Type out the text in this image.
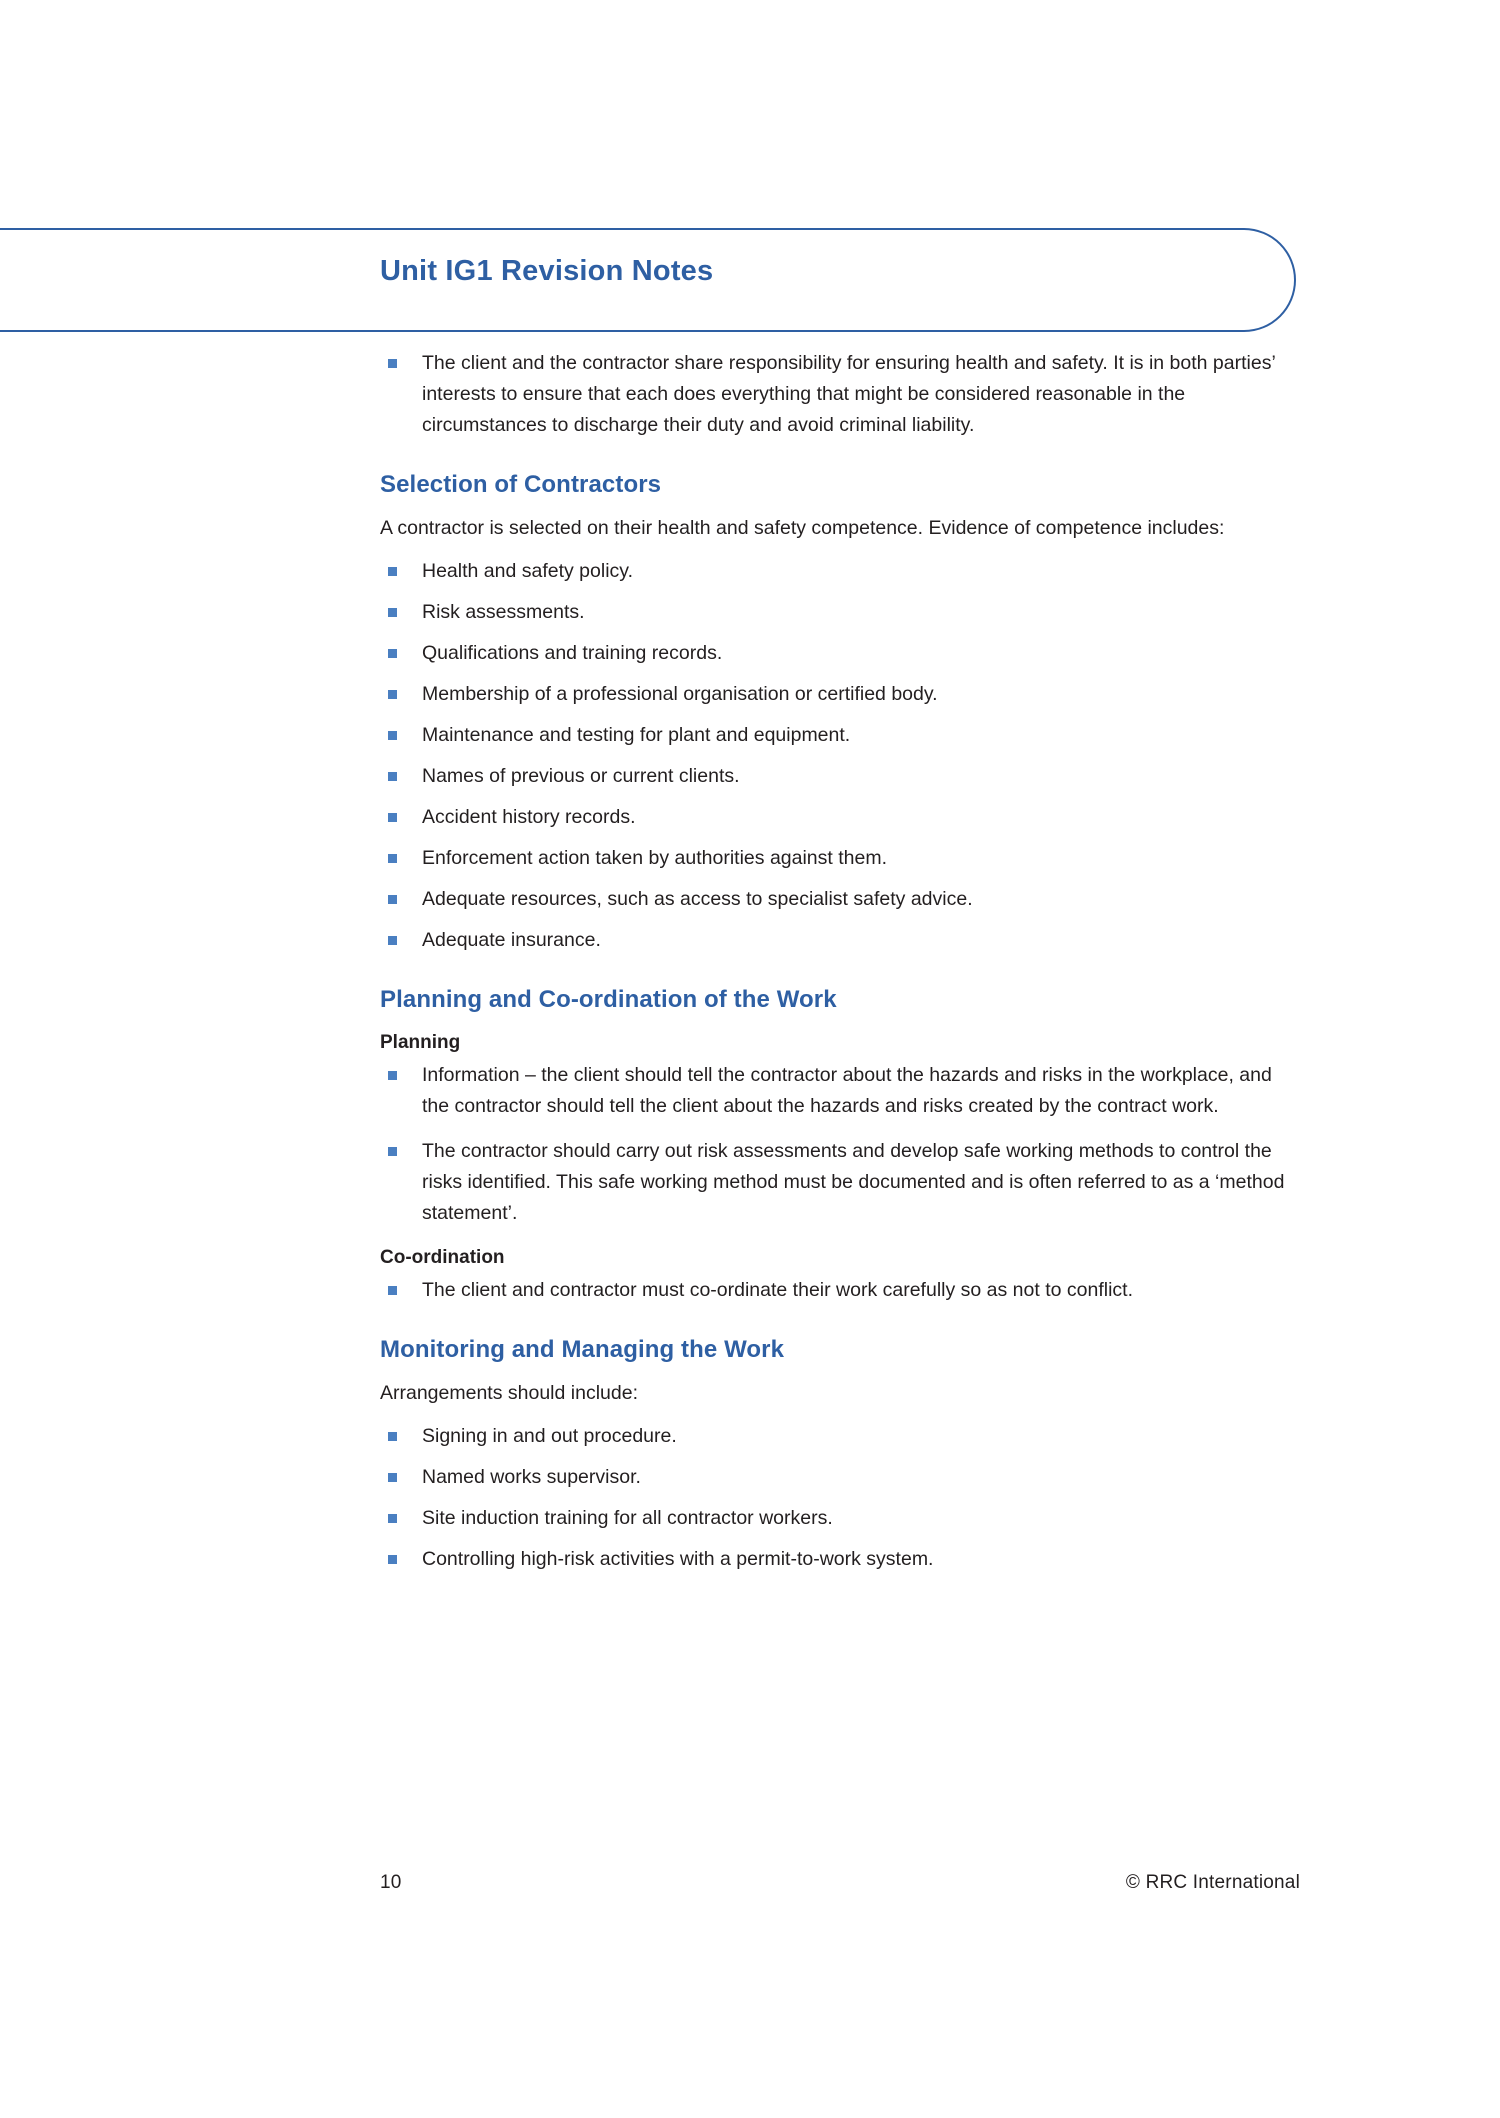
Unit IG1 Revision Notes
The client and the contractor share responsibility for ensuring health and safety. It is in both parties’ interests to ensure that each does everything that might be considered reasonable in the circumstances to discharge their duty and avoid criminal liability.
Selection of Contractors

A contractor is selected on their health and safety competence. Evidence of competence includes:

Health and safety policy.
Risk assessments.
Qualifications and training records.
Membership of a professional organisation or certified body.
Maintenance and testing for plant and equipment.
Names of previous or current clients.
Accident history records.
Enforcement action taken by authorities against them.
Adequate resources, such as access to specialist safety advice.
Adequate insurance.
Planning and Co-ordination of the Work
Planning
Information – the client should tell the contractor about the hazards and risks in the workplace, and the contractor should tell the client about the hazards and risks created by the contract work.
The contractor should carry out risk assessments and develop safe working methods to control the risks identified. This safe working method must be documented and is often referred to as a ‘method statement’.
Co-ordination
The client and contractor must co-ordinate their work carefully so as not to conflict.
Monitoring and Managing the Work

Arrangements should include:

Signing in and out procedure.
Named works supervisor.
Site induction training for all contractor workers.
Controlling high-risk activities with a permit-to-work system.
10	© RRC International
